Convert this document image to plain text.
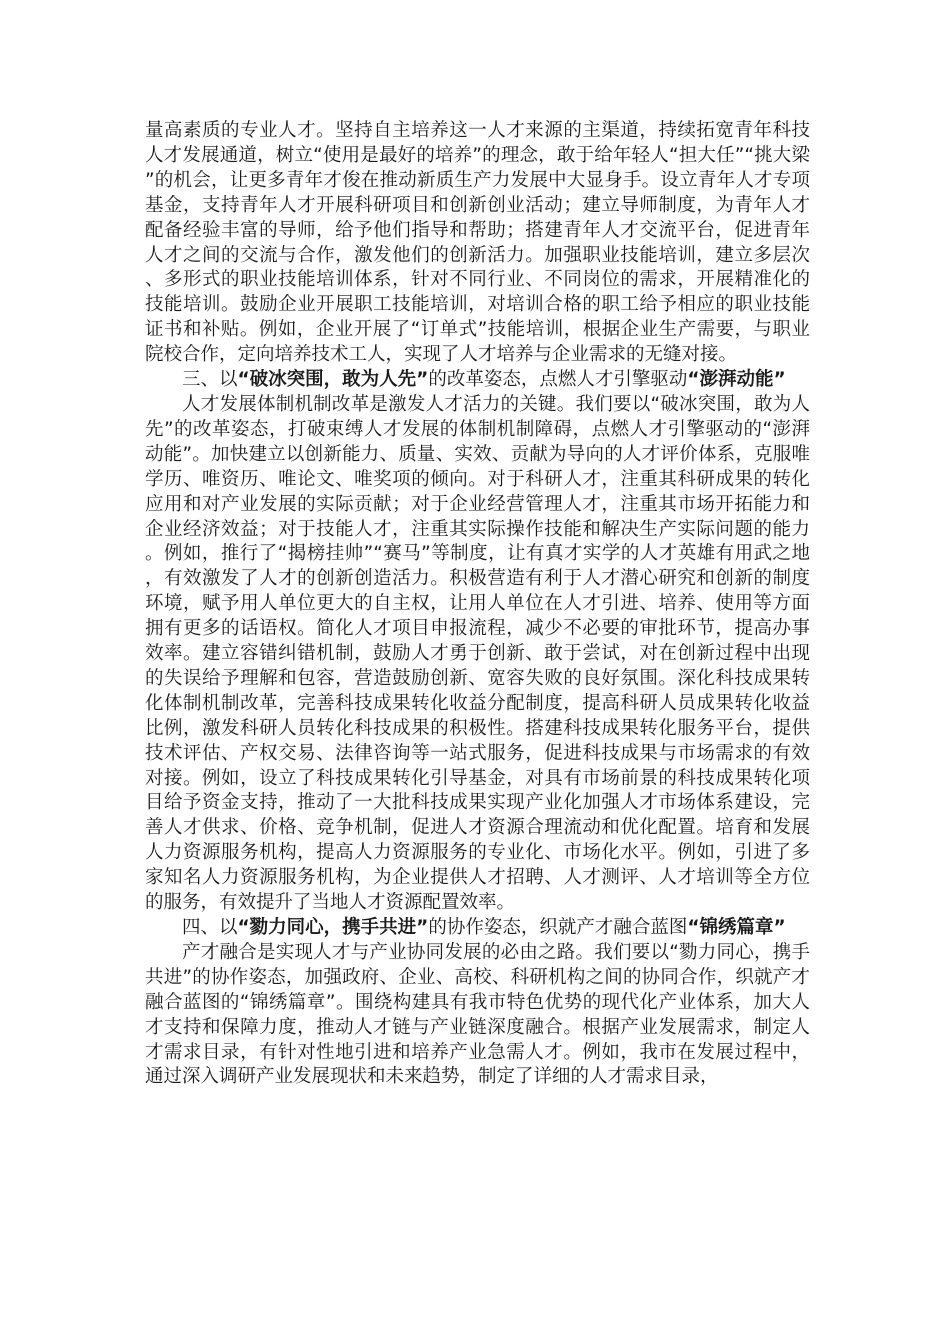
量高素质的专业人才。坚持自主培养这一人才来源的主渠道，持续拓宽青年科技人才发展通道，树立“使用是最好的培养”的理念，敢于给年轻人“担大任”“挑大梁”的机会，让更多青年才俊在推动新质生产力发展中大显身手。设立青年人才专项基金，支持青年人才开展科研项目和创新创业活动；建立导师制度，为青年人才配备经验丰富的导师，给予他们指导和帮助；搭建青年人才交流平台，促进青年人才之间的交流与合作，激发他们的创新活力。加强职业技能培训，建立多层次、多形式的职业技能培训体系，针对不同行业、不同岗位的需求，开展精准化的技能培训。鼓励企业开展职工技能培训，对培训合格的职工给予相应的职业技能证书和补贴。例如，企业开展了“订单式”技能培训，根据企业生产需要，与职业院校合作，定向培养技术工人，实现了人才培养与企业需求的无缝对接。

三、以“破冰突围，敢为人先”的改革姿态，点燃人才引擎驱动“澎湃动能”

人才发展体制机制改革是激发人才活力的关键。我们要以“破冰突围，敢为人先”的改革姿态，打破束缚人才发展的体制机制障碍，点燃人才引擎驱动的“澎湃动能”。加快建立以创新能力、质量、实效、贡献为导向的人才评价体系，克服唯学历、唯资历、唯论文、唯奖项的倾向。对于科研人才，注重其科研成果的转化应用和对产业发展的实际贡献；对于企业经营管理人才，注重其市场开拓能力和企业经济效益；对于技能人才，注重其实际操作技能和解决生产实际问题的能力。例如，推行了“揭榜挂帅”“赛马”等制度，让有真才实学的人才英雄有用武之地，有效激发了人才的创新创造活力。积极营造有利于人才潜心研究和创新的制度环境，赋予用人单位更大的自主权，让用人单位在人才引进、培养、使用等方面拥有更多的话语权。简化人才项目申报流程，减少不必要的审批环节，提高办事效率。建立容错纠错机制，鼓励人才勇于创新、敢于尝试，对在创新过程中出现的失误给予理解和包容，营造鼓励创新、宽容失败的良好氛围。深化科技成果转化体制机制改革，完善科技成果转化收益分配制度，提高科研人员成果转化收益比例，激发科研人员转化科技成果的积极性。搭建科技成果转化服务平台，提供技术评估、产权交易、法律咨询等一站式服务，促进科技成果与市场需求的有效对接。例如，设立了科技成果转化引导基金，对具有市场前景的科技成果转化项目给予资金支持，推动了一大批科技成果实现产业化加强人才市场体系建设，完善人才供求、价格、竞争机制，促进人才资源合理流动和优化配置。培育和发展人力资源服务机构，提高人力资源服务的专业化、市场化水平。例如，引进了多家知名人力资源服务机构，为企业提供人才招聘、人才测评、人才培训等全方位的服务，有效提升了当地人才资源配置效率。

四、以“勠力同心，携手共进”的协作姿态，织就产才融合蓝图“锦绣篇章”

产才融合是实现人才与产业协同发展的必由之路。我们要以“勠力同心，携手共进”的协作姿态，加强政府、企业、高校、科研机构之间的协同合作，织就产才融合蓝图的“锦绣篇章”。围绕构建具有我市特色优势的现代化产业体系，加大人才支持和保障力度，推动人才链与产业链深度融合。根据产业发展需求，制定人才需求目录，有针对性地引进和培养产业急需人才。例如，我市在发展过程中，通过深入调研产业发展现状和未来趋势，制定了详细的人才需求目录，
